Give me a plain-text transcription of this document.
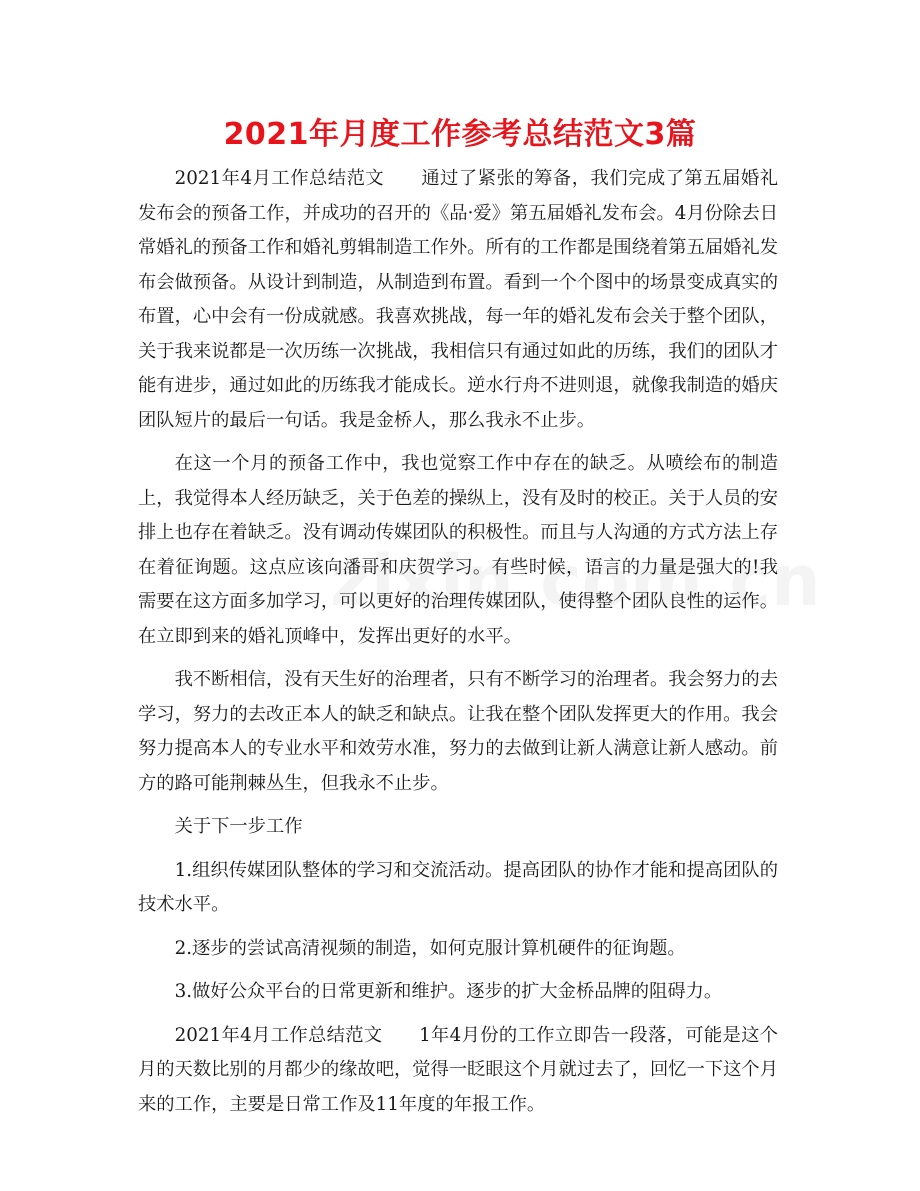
2021年月度工作参考总结范文3篇

2021年4月工作总结范文 通过了紧张的筹备，我们完成了第五届婚礼发布会的预备工作，并成功的召开的《品·爱》第五届婚礼发布会。4月份除去日常婚礼的预备工作和婚礼剪辑制造工作外。所有的工作都是围绕着第五届婚礼发布会做预备。从设计到制造，从制造到布置。看到一个个图中的场景变成真实的布置，心中会有一份成就感。我喜欢挑战，每一年的婚礼发布会关于整个团队，关于我来说都是一次历练一次挑战，我相信只有通过如此的历练，我们的团队才能有进步，通过如此的历练我才能成长。逆水行舟不进则退，就像我制造的婚庆团队短片的最后一句话。我是金桥人，那么我永不止步。

在这一个月的预备工作中，我也觉察工作中存在的缺乏。从喷绘布的制造上，我觉得本人经历缺乏，关于色差的操纵上，没有及时的校正。关于人员的安排上也存在着缺乏。没有调动传媒团队的积极性。而且与人沟通的方式方法上存在着征询题。这点应该向潘哥和庆贺学习。有些时候，语言的力量是强大的!我需要在这方面多加学习，可以更好的治理传媒团队，使得整个团队良性的运作。在立即到来的婚礼顶峰中，发挥出更好的水平。

我不断相信，没有天生好的治理者，只有不断学习的治理者。我会努力的去学习，努力的去改正本人的缺乏和缺点。让我在整个团队发挥更大的作用。我会努力提高本人的专业水平和效劳水准，努力的去做到让新人满意让新人感动。前方的路可能荆棘丛生，但我永不止步。

关于下一步工作

1.组织传媒团队整体的学习和交流活动。提高团队的协作才能和提高团队的技术水平。

2.逐步的尝试高清视频的制造，如何克服计算机硬件的征询题。

3.做好公众平台的日常更新和维护。逐步的扩大金桥品牌的阻碍力。

2021年4月工作总结范文 1年4月份的工作立即告一段落，可能是这个月的天数比别的月都少的缘故吧，觉得一眨眼这个月就过去了，回忆一下这个月来的工作，主要是日常工作及11年度的年报工作。
